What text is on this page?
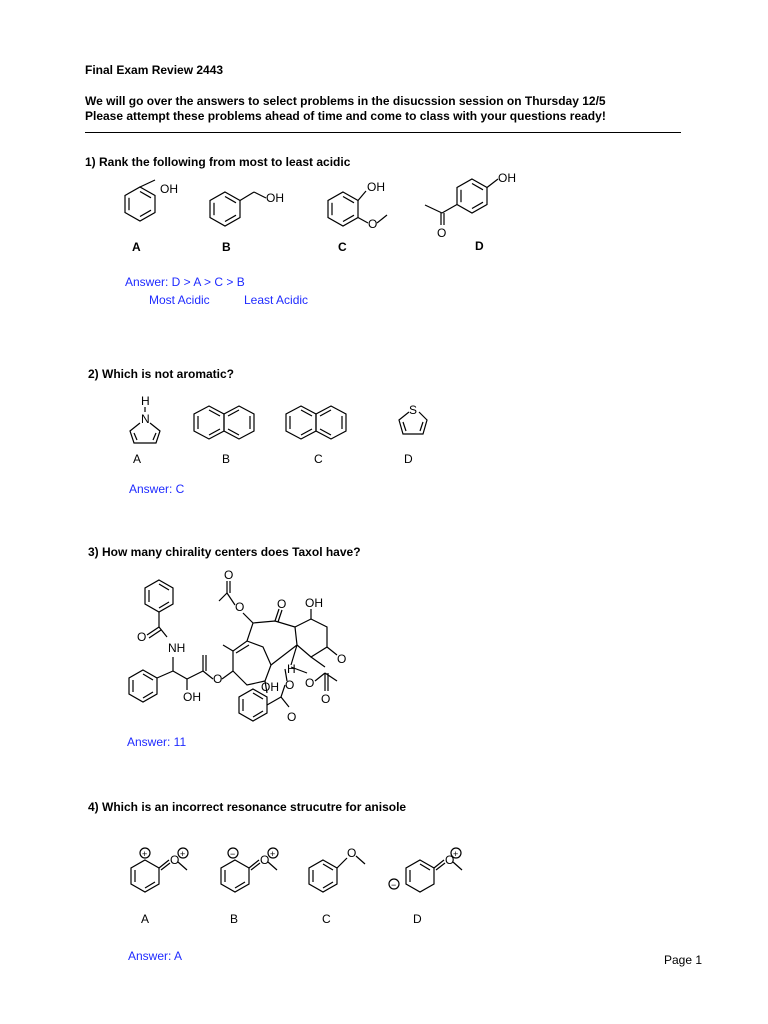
Final Exam Review 2443
We will go over the answers to select problems in the disucssion session on Thursday 12/5
Please attempt these problems ahead of time and come to class with your questions ready!
1) Rank the following from most to least acidic
OH
A
OH
B
OH
O
C
OH
O
D
Answer: D > A > C > B
Most Acidic	Least Acidic
2) Which is not aromatic?
H
N
A	B	C
S
D
Answer: C
3) How many chirality centers does Taxol have?
O
NH
OH
O
O
O
O OH
O
H
O
O
OH O
O
Answer: 11
4) Which is an incorrect resonance strucutre for anisole
+ O +
A
− O +
B
O
C
O
+
−
D
Answer: A	Page 1
